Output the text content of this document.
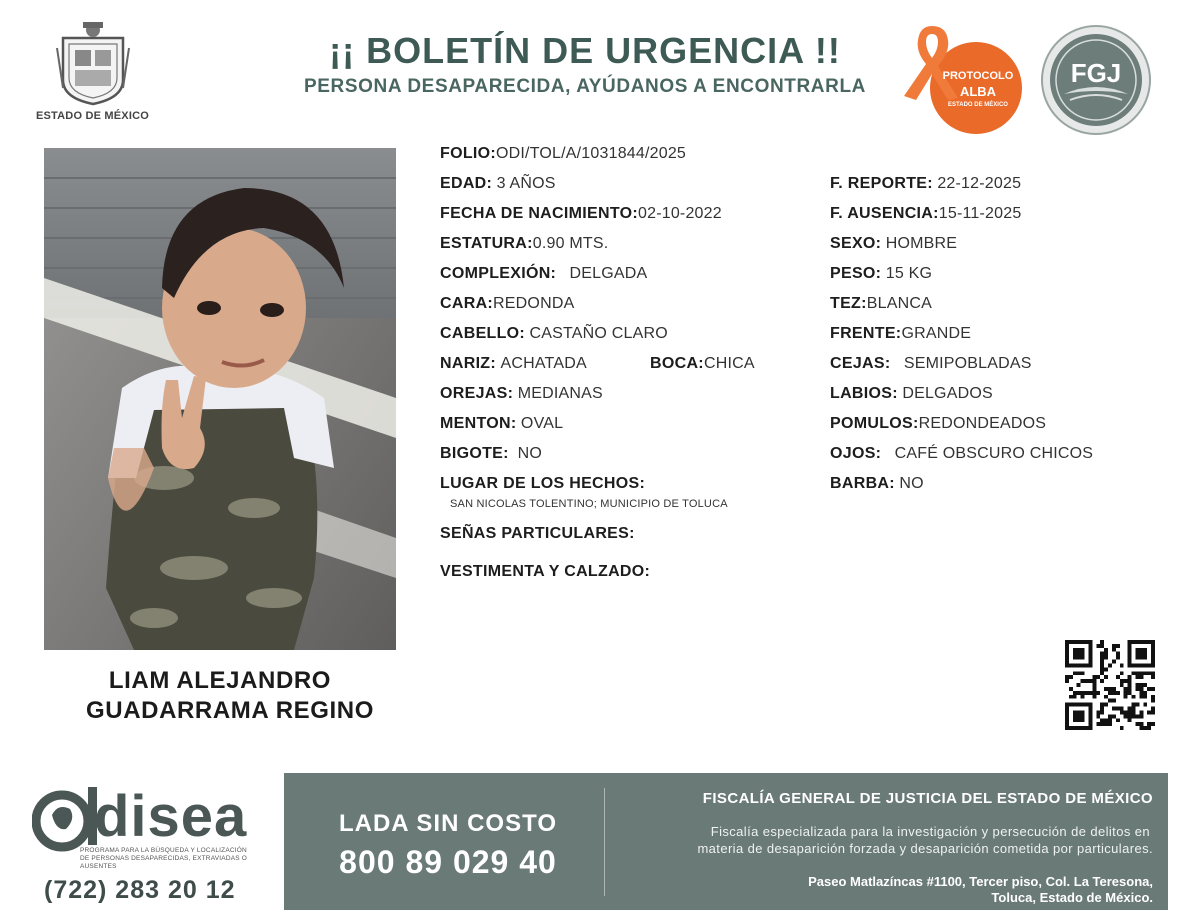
ESTADO DE MÉXICO
¡¡ BOLETÍN DE URGENCIA !!
PERSONA DESAPARECIDA, AYÚDANOS A ENCONTRARLA	PROTOCOLO
ALBA
ESTADO DE MÉXICO
FGJ
LIAM ALEJANDRO
GUADARRAMA REGINO
FOLIO:ODI/TOL/A/1031844/2025
EDAD: 3 AÑOS
FECHA DE NACIMIENTO:02-10-2022
ESTATURA:0.90 MTS.
COMPLEXIÓN: DELGADA
CARA:REDONDA
CABELLO: CASTAÑO CLARO
NARIZ: ACHATADA	BOCA:CHICA
OREJAS: MEDIANAS
MENTON: OVAL
BIGOTE: NO
LUGAR DE LOS HECHOS:
SAN NICOLAS TOLENTINO; MUNICIPIO DE TOLUCA
SEÑAS PARTICULARES:
VESTIMENTA Y CALZADO:
F. REPORTE: 22-12-2025
F. AUSENCIA:15-11-2025
SEXO: HOMBRE
PESO: 15 KG
TEZ:BLANCA
FRENTE:GRANDE
CEJAS: SEMIPOBLADAS
LABIOS: DELGADOS
POMULOS:REDONDEADOS
OJOS: CAFÉ OBSCURO CHICOS
BARBA: NO
disea
PROGRAMA PARA LA BÚSQUEDA Y LOCALIZACIÓN
DE PERSONAS DESAPARECIDAS, EXTRAVIADAS O
AUSENTES
(722) 283 20 12
LADA SIN COSTO
800 89 029 40
FISCALÍA GENERAL DE JUSTICIA DEL ESTADO DE MÉXICO
Fiscalía especializada para la investigación y persecución de delitos en
materia de desaparición forzada y desaparición cometida por particulares.
Paseo Matlazíncas #1100, Tercer piso, Col. La Teresona,
Toluca, Estado de México.
